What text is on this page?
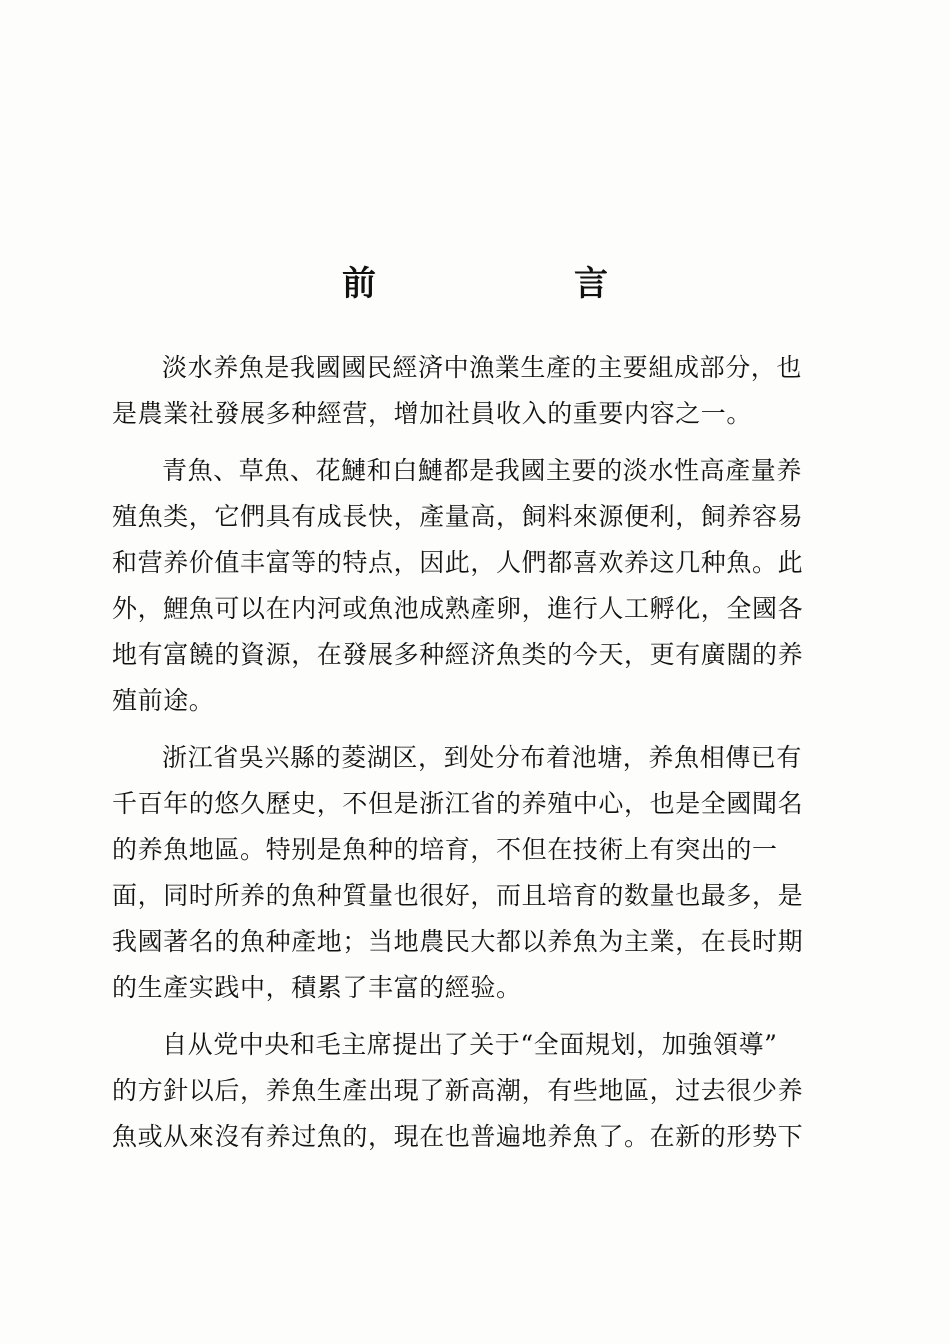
前　言
淡水养魚是我國國民經済中漁業生產的主要組成部分，也
是農業社發展多种經营，增加社員收入的重要内容之一。
青魚、草魚、花鰱和白鰱都是我國主要的淡水性高產量养
殖魚类，它們具有成長快，產量高，飼料來源便利，飼养容易
和营养价值丰富等的特点，因此，人們都喜欢养这几种魚。此
外，鯉魚可以在内河或魚池成熟產卵，進行人工孵化，全國各
地有富饒的資源，在發展多种經济魚类的今天，更有廣闊的养
殖前途。
浙江省吳兴縣的菱湖区，到处分布着池塘，养魚相傳已有
千百年的悠久歷史，不但是浙江省的养殖中心，也是全國聞名
的养魚地區。特别是魚种的培育，不但在技術上有突出的一
面，同时所养的魚种質量也很好，而且培育的数量也最多，是
我國著名的魚种產地；当地農民大都以养魚为主業，在長时期
的生產实践中，積累了丰富的經验。
自从党中央和毛主席提出了关于“全面規划，加強領導”
的方針以后，养魚生產出現了新高潮，有些地區，过去很少养
魚或从來沒有养过魚的，現在也普遍地养魚了。在新的形势下
